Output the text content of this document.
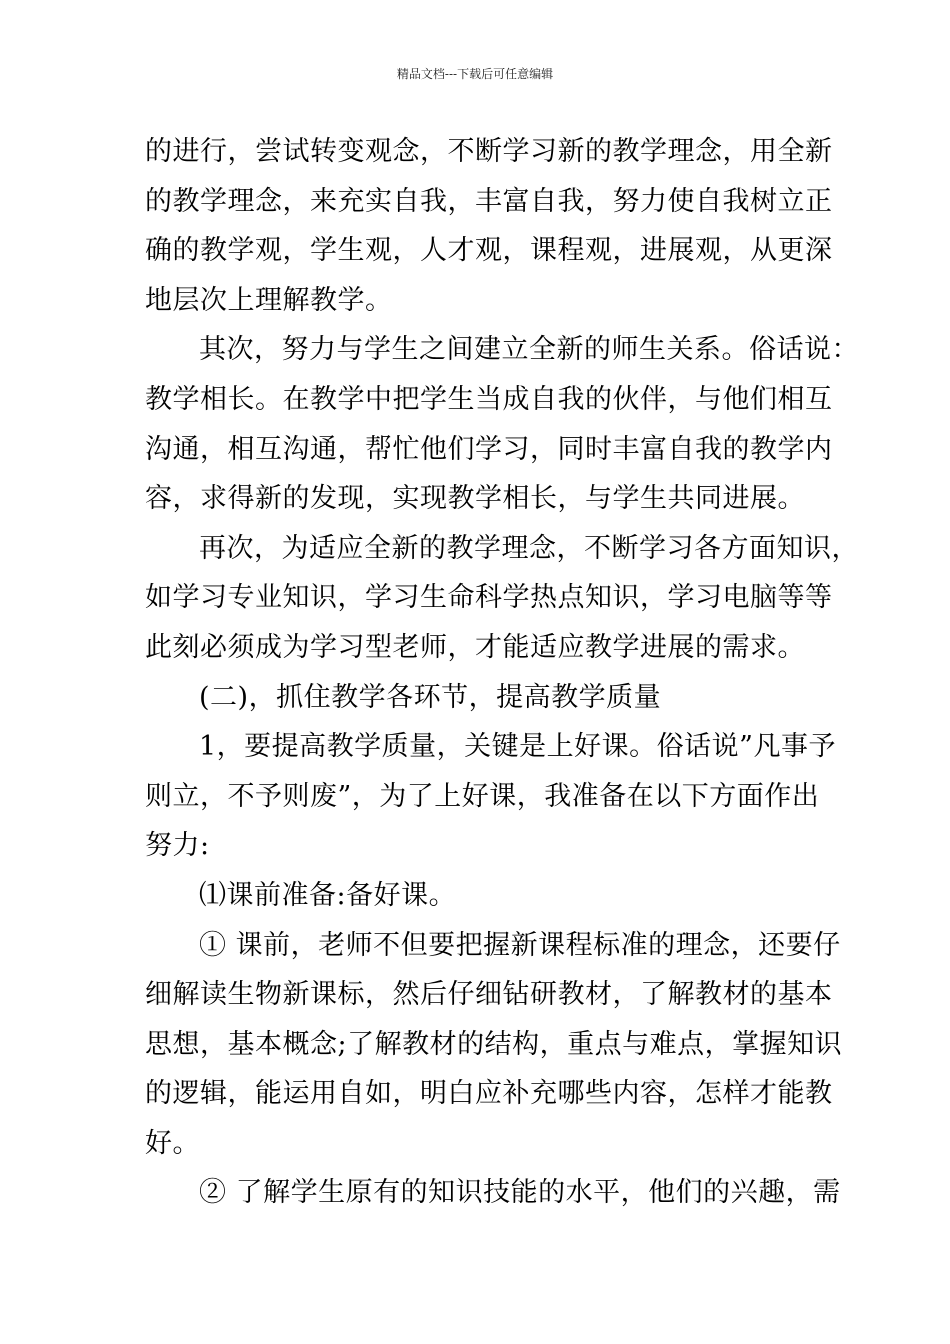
精品文档---下载后可任意编辑
的进行，尝试转变观念，不断学习新的教学理念，用全新
的教学理念，来充实自我，丰富自我，努力使自我树立正
确的教学观，学生观，人才观，课程观，进展观，从更深
地层次上理解教学。
其次，努力与学生之间建立全新的师生关系。俗话说：
教学相长。在教学中把学生当成自我的伙伴，与他们相互
沟通，相互沟通，帮忙他们学习，同时丰富自我的教学内
容，求得新的发现，实现教学相长，与学生共同进展。
再次，为适应全新的教学理念，不断学习各方面知识，
如学习专业知识，学习生命科学热点知识，学习电脑等等
此刻必须成为学习型老师，才能适应教学进展的需求。
(二)，抓住教学各环节，提高教学质量
1，要提高教学质量，关键是上好课。俗话说”凡事予
则立，不予则废”，为了上好课，我准备在以下方面作出
努力:
⑴课前准备:备好课。
① 课前，老师不但要把握新课程标准的理念，还要仔
细解读生物新课标，然后仔细钻研教材，了解教材的基本
思想，基本概念;了解教材的结构，重点与难点，掌握知识
的逻辑，能运用自如，明白应补充哪些内容，怎样才能教
好。
② 了解学生原有的知识技能的水平，他们的兴趣，需
